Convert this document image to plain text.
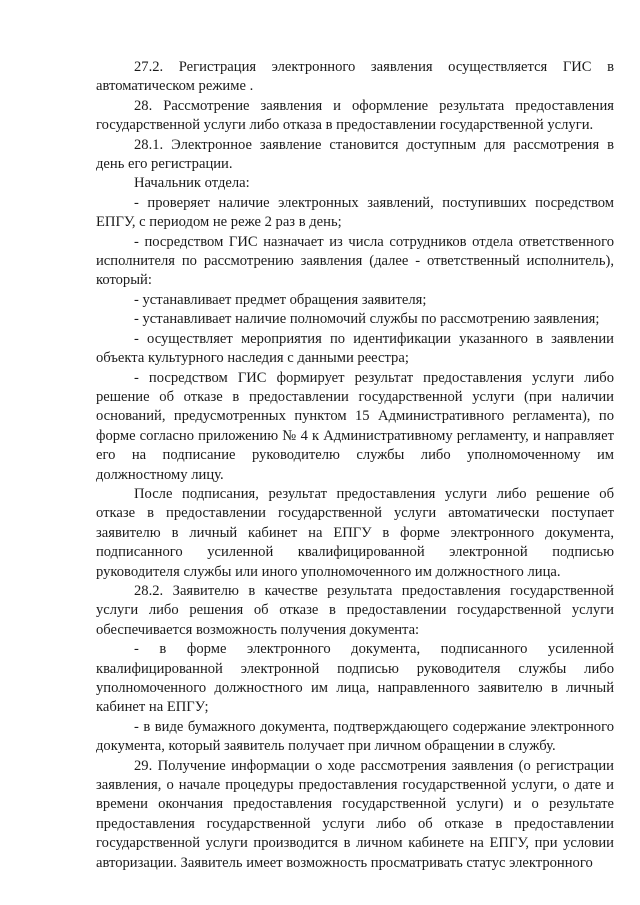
27.2. Регистрация электронного заявления осуществляется ГИС в автоматическом режиме .

28. Рассмотрение заявления и оформление результата предоставления государственной услуги либо отказа в предоставлении государственной услуги.

28.1. Электронное заявление становится доступным для рассмотрения в день его регистрации.

Начальник отдела:

- проверяет наличие электронных заявлений, поступивших посредством ЕПГУ, с периодом не реже 2 раз в день;

- посредством ГИС назначает из числа сотрудников отдела ответственного исполнителя по рассмотрению заявления (далее - ответственный исполнитель), который:

- устанавливает предмет обращения заявителя;

- устанавливает наличие полномочий службы по рассмотрению заявления;

- осуществляет мероприятия по идентификации указанного в заявлении объекта культурного наследия с данными реестра;

- посредством ГИС формирует результат предоставления услуги либо решение об отказе в предоставлении государственной услуги (при наличии оснований, предусмотренных пунктом 15 Административного регламента), по форме согласно приложению № 4 к Административному регламенту, и направляет его на подписание руководителю службы либо уполномоченному им должностному лицу.

После подписания, результат предоставления услуги либо решение об отказе в предоставлении государственной услуги автоматически поступает заявителю в личный кабинет на ЕПГУ в форме электронного документа, подписанного усиленной квалифицированной электронной подписью руководителя службы или иного уполномоченного им должностного лица.

28.2. Заявителю в качестве результата предоставления государственной услуги либо решения об отказе в предоставлении государственной услуги обеспечивается возможность получения документа:

- в форме электронного документа, подписанного усиленной квалифицированной электронной подписью руководителя службы либо уполномоченного должностного им лица, направленного заявителю в личный кабинет на ЕПГУ;

- в виде бумажного документа, подтверждающего содержание электронного документа, который заявитель получает при личном обращении в службу.

29. Получение информации о ходе рассмотрения заявления (о регистрации заявления, о начале процедуры предоставления государственной услуги, о дате и времени окончания предоставления государственной услуги) и о результате предоставления государственной услуги либо об отказе в предоставлении государственной услуги производится в личном кабинете на ЕПГУ, при условии авторизации. Заявитель имеет возможность просматривать статус электронного
